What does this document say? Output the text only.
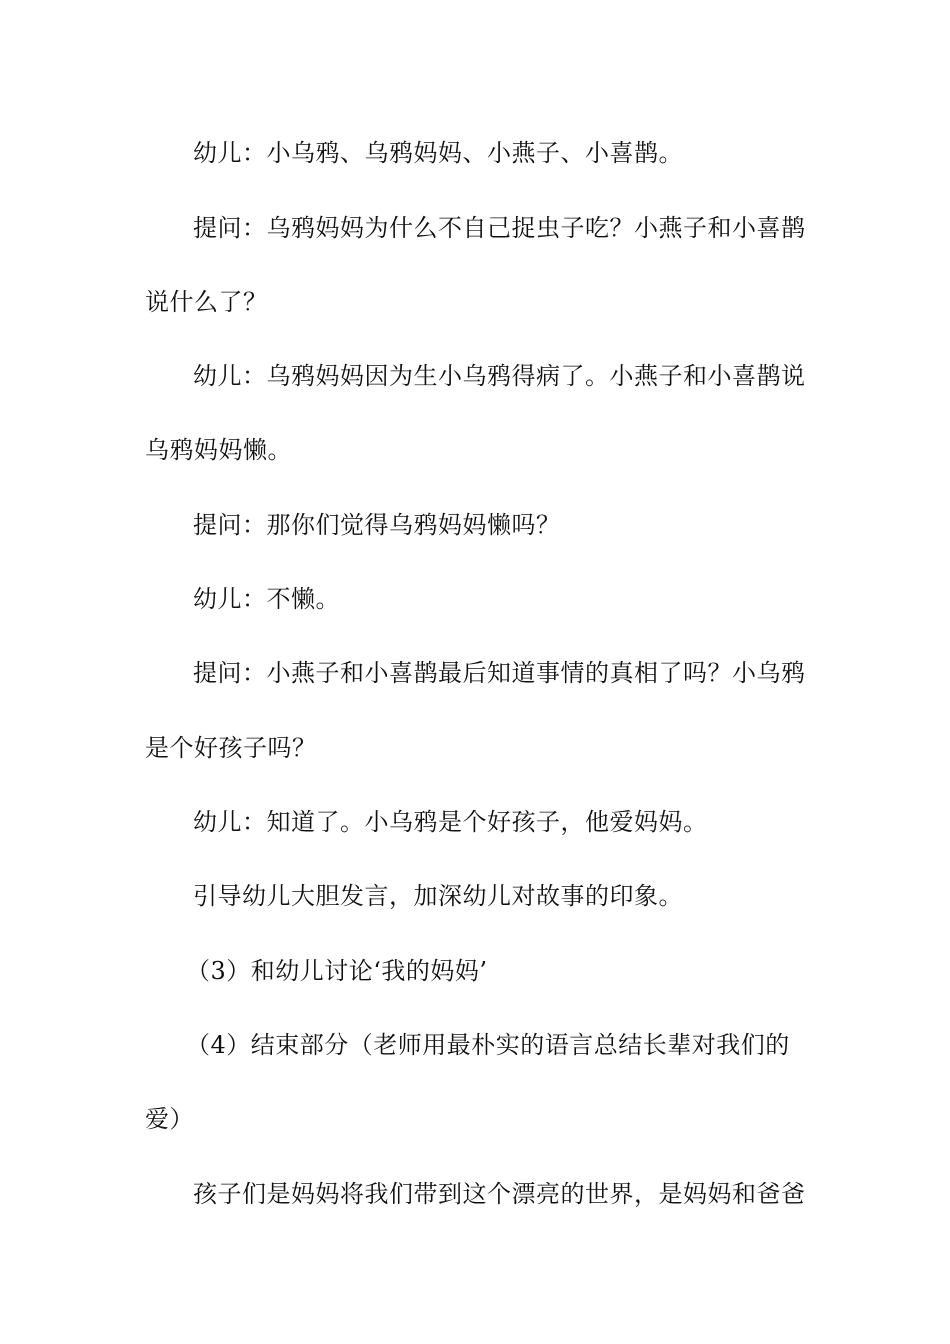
幼儿：小乌鸦、乌鸦妈妈、小燕子、小喜鹊。
提问：乌鸦妈妈为什么不自己捉虫子吃？小燕子和小喜鹊
说什么了？
幼儿：乌鸦妈妈因为生小乌鸦得病了。小燕子和小喜鹊说
乌鸦妈妈懒。
提问：那你们觉得乌鸦妈妈懒吗？
幼儿：不懒。
提问：小燕子和小喜鹊最后知道事情的真相了吗？小乌鸦
是个好孩子吗？
幼儿：知道了。小乌鸦是个好孩子，他爱妈妈。
引导幼儿大胆发言，加深幼儿对故事的印象。
（3）和幼儿讨论‘我的妈妈’
（4）结束部分（老师用最朴实的语言总结长辈对我们的
爱）
孩子们是妈妈将我们带到这个漂亮的世界，是妈妈和爸爸
